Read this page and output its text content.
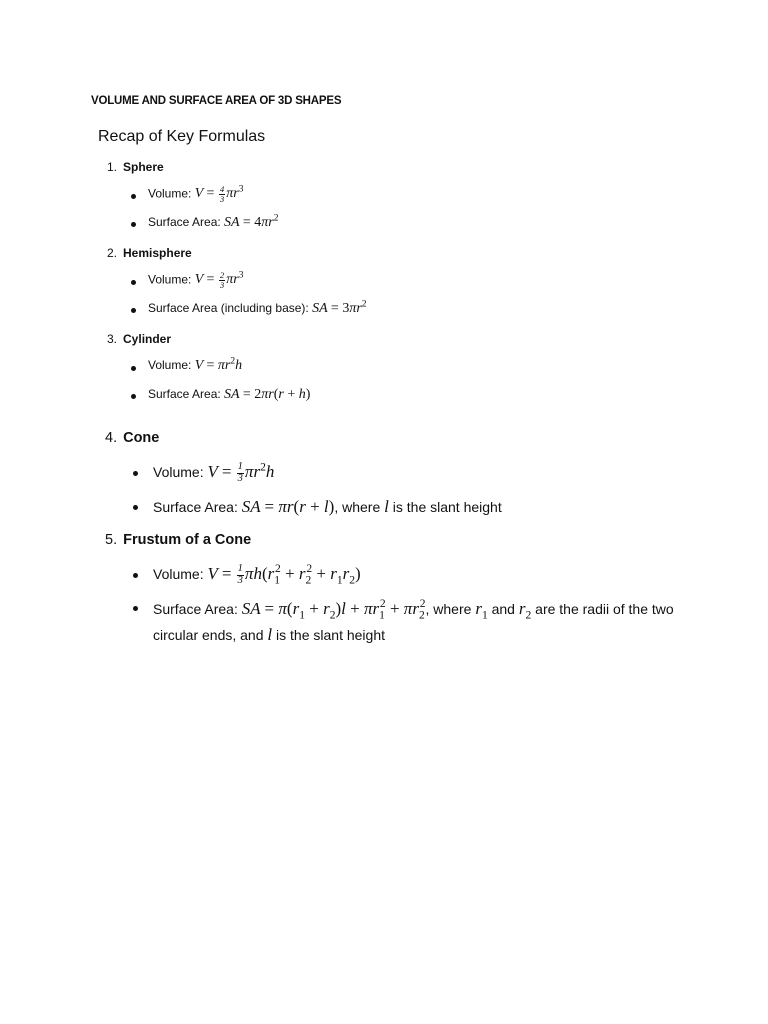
VOLUME AND SURFACE AREA OF 3D SHAPES
Recap of Key Formulas
1. Sphere
Volume: $V = \frac{4}{3} \pi r^3$
Surface Area: SA = $4\pi r^2$
2. Hemisphere
Volume: $V = \frac{2}{3} \pi r^3$
Surface Area (including base): SA = $3\pi r^2$
3. Cylinder
Volume: $V = \pi r^2h$
Surface Area: SA = 2πr(r + h)
4. Cone
Volume: $V = \frac{1}{3} \pi r^2h$
Surface Area: SA = πr(r + l), where l is the slant height
5. Frustum of a Cone
Volume: $V = \frac{1}{3} \pi h(r_1^2 + r_2^2 + r_1r_2)$
Surface Area: SA = $\pi(r_1 + r_2)l + \pi r_1^2 + \pi r_2^2$, where $r_1$ and $r_2$ are the radii of the two
circular ends, and l is the slant height
